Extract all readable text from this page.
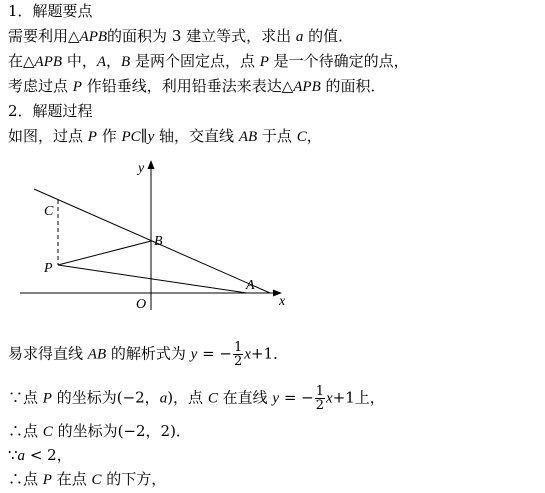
1．解题要点
需要利用△APB的面积为 3 建立等式，求出 a 的值．
在△APB 中，A，B 是两个固定点，点 P 是一个待确定的点，
考虑过点 P 作铅垂线，利用铅垂法来表达△APB 的面积．
2．解题过程
如图，过点 P 作 PC∥y 轴，交直线 AB 于点 C，
y
x
O
A
B
C
P
易求得直线 AB 的解析式为 y = − $\frac{1}{2} x+1$．
∵点 P 的坐标为(−2，a)，点 C 在直线 y = − $\frac{1}{2} x+1$上，
∴点 C 的坐标为(−2，2)．
∵a < 2，
∴点 P 在点 C 的下方，
